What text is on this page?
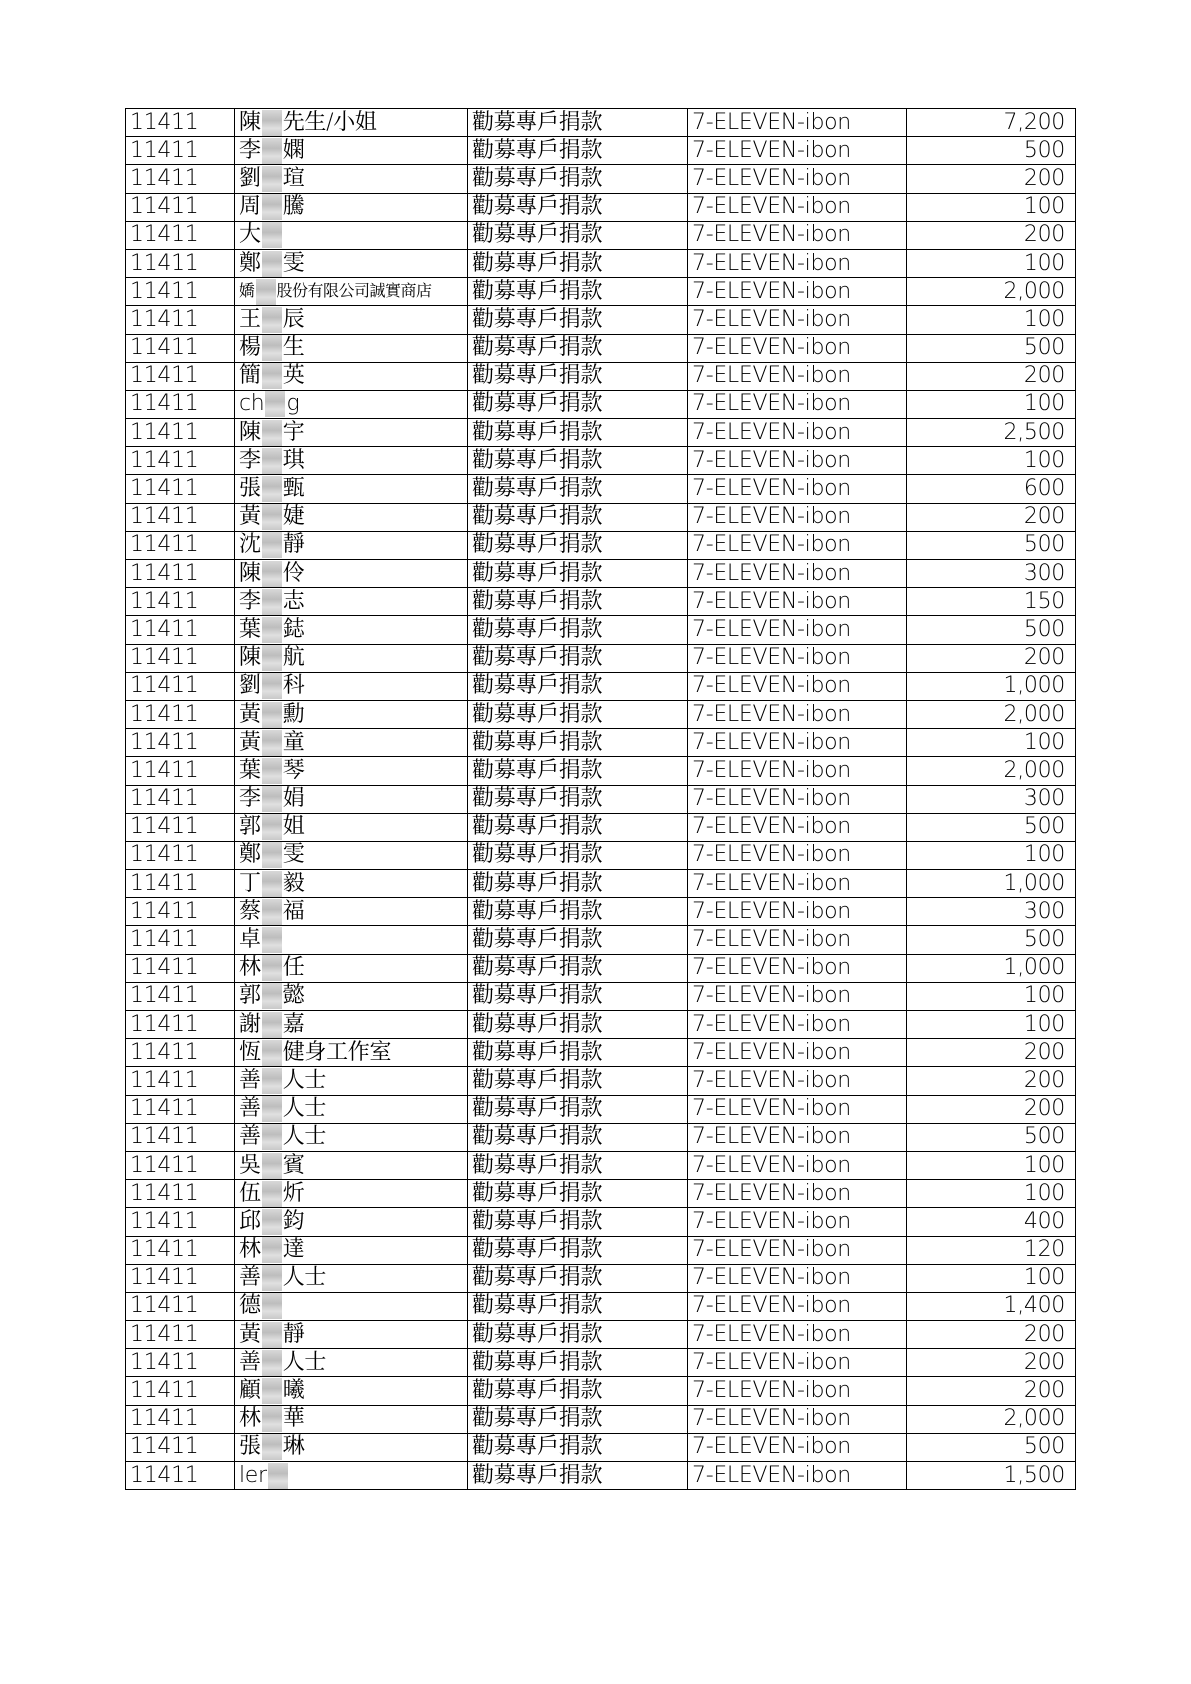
11411	陳 先生/小姐	勸募專戶捐款	7-ELEVEN-ibon	7,200
11411	李 嫻	勸募專戶捐款	7-ELEVEN-ibon	500
11411	劉 瑄	勸募專戶捐款	7-ELEVEN-ibon	200
11411	周 騰	勸募專戶捐款	7-ELEVEN-ibon	100
11411	大	勸募專戶捐款	7-ELEVEN-ibon	200
11411	鄭 雯	勸募專戶捐款	7-ELEVEN-ibon	100
11411	嬌 股份有限公司誠實商店	勸募專戶捐款	7-ELEVEN-ibon	2,000
11411	王 辰	勸募專戶捐款	7-ELEVEN-ibon	100
11411	楊 生	勸募專戶捐款	7-ELEVEN-ibon	500
11411	簡 英	勸募專戶捐款	7-ELEVEN-ibon	200
11411	ch g	勸募專戶捐款	7-ELEVEN-ibon	100
11411	陳 宇	勸募專戶捐款	7-ELEVEN-ibon	2,500
11411	李 琪	勸募專戶捐款	7-ELEVEN-ibon	100
11411	張 甄	勸募專戶捐款	7-ELEVEN-ibon	600
11411	黃 婕	勸募專戶捐款	7-ELEVEN-ibon	200
11411	沈 靜	勸募專戶捐款	7-ELEVEN-ibon	500
11411	陳 伶	勸募專戶捐款	7-ELEVEN-ibon	300
11411	李 志	勸募專戶捐款	7-ELEVEN-ibon	150
11411	葉 鋕	勸募專戶捐款	7-ELEVEN-ibon	500
11411	陳 航	勸募專戶捐款	7-ELEVEN-ibon	200
11411	劉 科	勸募專戶捐款	7-ELEVEN-ibon	1,000
11411	黃 勳	勸募專戶捐款	7-ELEVEN-ibon	2,000
11411	黃 童	勸募專戶捐款	7-ELEVEN-ibon	100
11411	葉 琴	勸募專戶捐款	7-ELEVEN-ibon	2,000
11411	李 娟	勸募專戶捐款	7-ELEVEN-ibon	300
11411	郭 姐	勸募專戶捐款	7-ELEVEN-ibon	500
11411	鄭 雯	勸募專戶捐款	7-ELEVEN-ibon	100
11411	丁 毅	勸募專戶捐款	7-ELEVEN-ibon	1,000
11411	蔡 福	勸募專戶捐款	7-ELEVEN-ibon	300
11411	卓	勸募專戶捐款	7-ELEVEN-ibon	500
11411	林 任	勸募專戶捐款	7-ELEVEN-ibon	1,000
11411	郭 懿	勸募專戶捐款	7-ELEVEN-ibon	100
11411	謝 嘉	勸募專戶捐款	7-ELEVEN-ibon	100
11411	恆 健身工作室	勸募專戶捐款	7-ELEVEN-ibon	200
11411	善 人士	勸募專戶捐款	7-ELEVEN-ibon	200
11411	善 人士	勸募專戶捐款	7-ELEVEN-ibon	200
11411	善 人士	勸募專戶捐款	7-ELEVEN-ibon	500
11411	吳 賓	勸募專戶捐款	7-ELEVEN-ibon	100
11411	伍 炘	勸募專戶捐款	7-ELEVEN-ibon	100
11411	邱 鈞	勸募專戶捐款	7-ELEVEN-ibon	400
11411	林 達	勸募專戶捐款	7-ELEVEN-ibon	120
11411	善 人士	勸募專戶捐款	7-ELEVEN-ibon	100
11411	德	勸募專戶捐款	7-ELEVEN-ibon	1,400
11411	黃 靜	勸募專戶捐款	7-ELEVEN-ibon	200
11411	善 人士	勸募專戶捐款	7-ELEVEN-ibon	200
11411	顧 曦	勸募專戶捐款	7-ELEVEN-ibon	200
11411	林 華	勸募專戶捐款	7-ELEVEN-ibon	2,000
11411	張 琳	勸募專戶捐款	7-ELEVEN-ibon	500
11411	ler	勸募專戶捐款	7-ELEVEN-ibon	1,500
